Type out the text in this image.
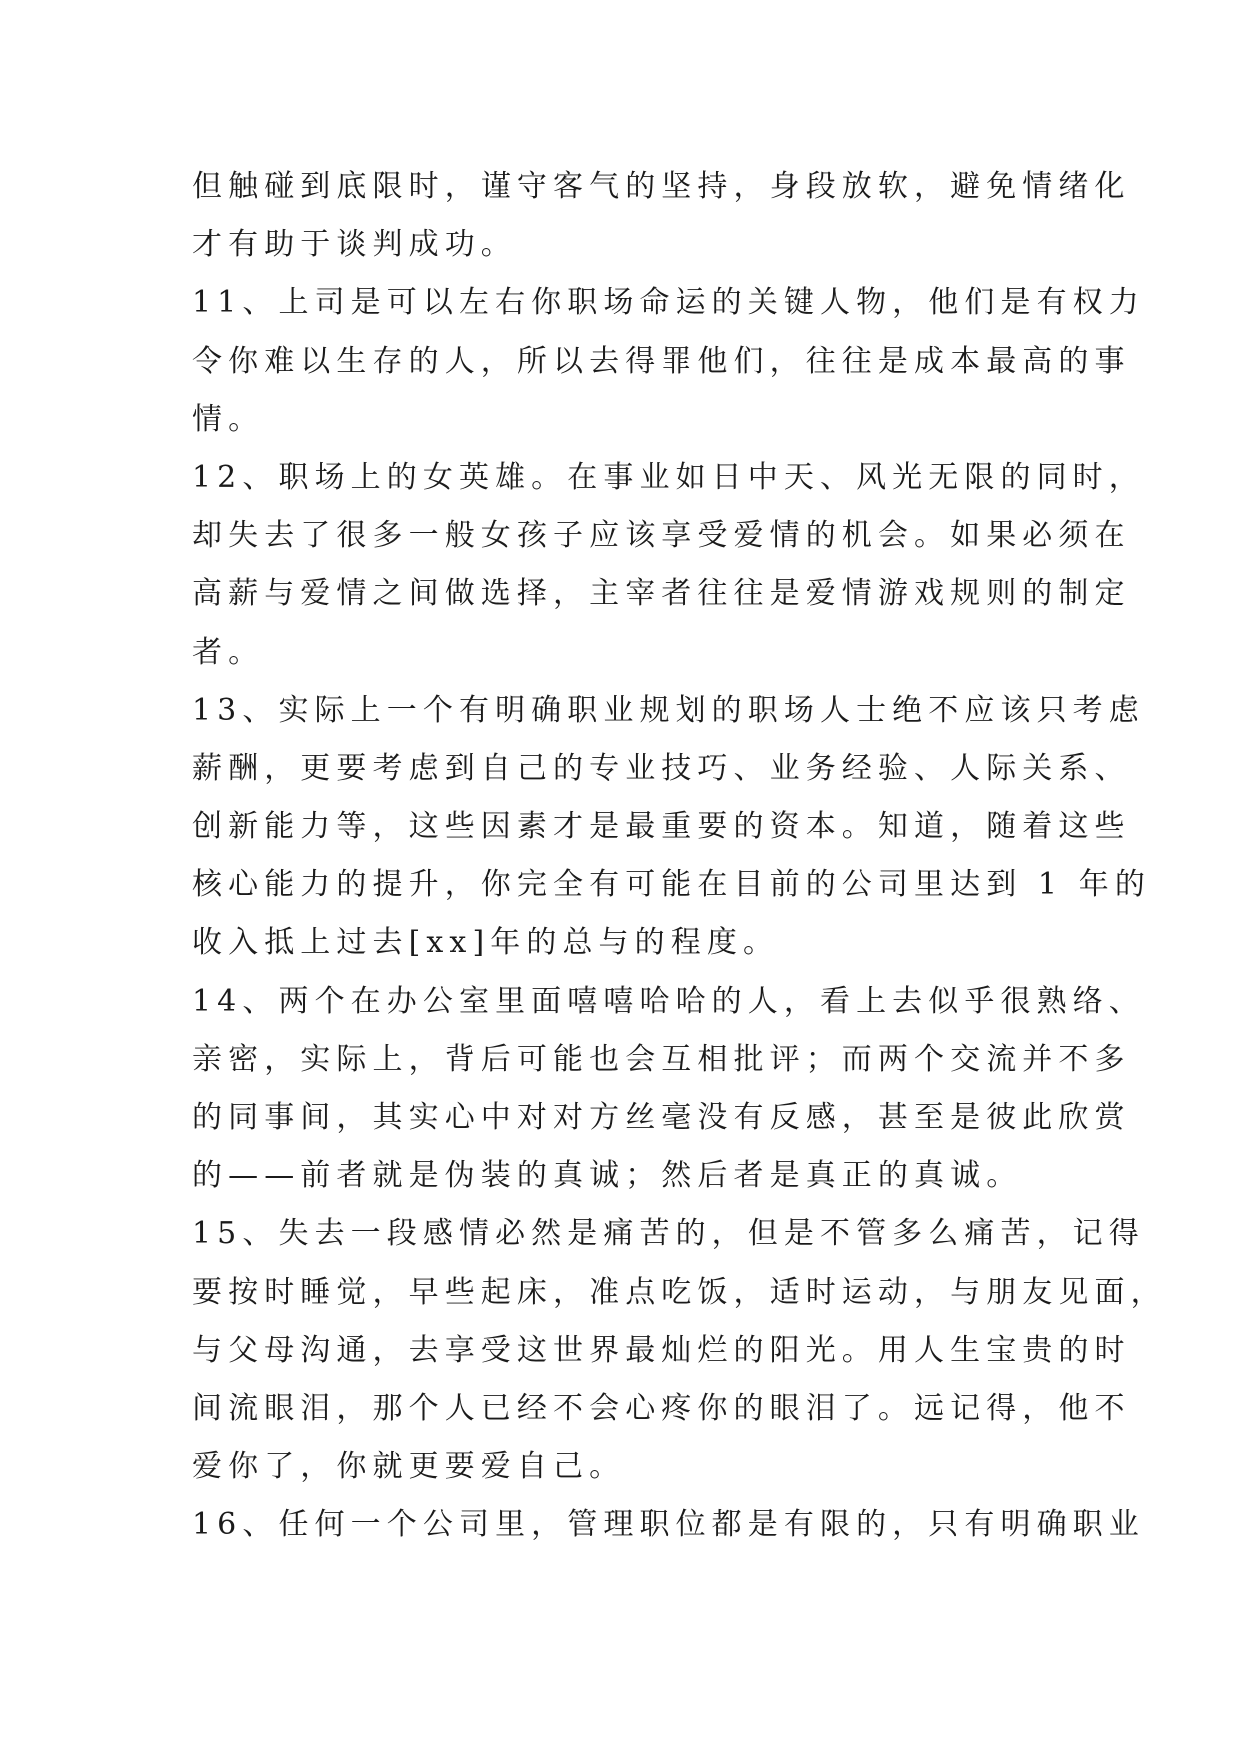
但触碰到底限时，谨守客气的坚持，身段放软，避免情绪化
才有助于谈判成功。
11、上司是可以左右你职场命运的关键人物，他们是有权力
令你难以生存的人，所以去得罪他们，往往是成本最高的事
情。
12、职场上的女英雄。在事业如日中天、风光无限的同时，
却失去了很多一般女孩子应该享受爱情的机会。如果必须在
高薪与爱情之间做选择，主宰者往往是爱情游戏规则的制定
者。
13、实际上一个有明确职业规划的职场人士绝不应该只考虑
薪酬，更要考虑到自己的专业技巧、业务经验、人际关系、
创新能力等，这些因素才是最重要的资本。知道，随着这些
核心能力的提升，你完全有可能在目前的公司里达到 1 年的
收入抵上过去[xx]年的总与的程度。
14、两个在办公室里面嘻嘻哈哈的人，看上去似乎很熟络、
亲密，实际上，背后可能也会互相批评；而两个交流并不多
的同事间，其实心中对对方丝毫没有反感，甚至是彼此欣赏
的——前者就是伪装的真诚；然后者是真正的真诚。
15、失去一段感情必然是痛苦的，但是不管多么痛苦，记得
要按时睡觉，早些起床，准点吃饭，适时运动，与朋友见面，
与父母沟通，去享受这世界最灿烂的阳光。用人生宝贵的时
间流眼泪，那个人已经不会心疼你的眼泪了。远记得，他不
爱你了，你就更要爱自己。
16、任何一个公司里，管理职位都是有限的，只有明确职业
